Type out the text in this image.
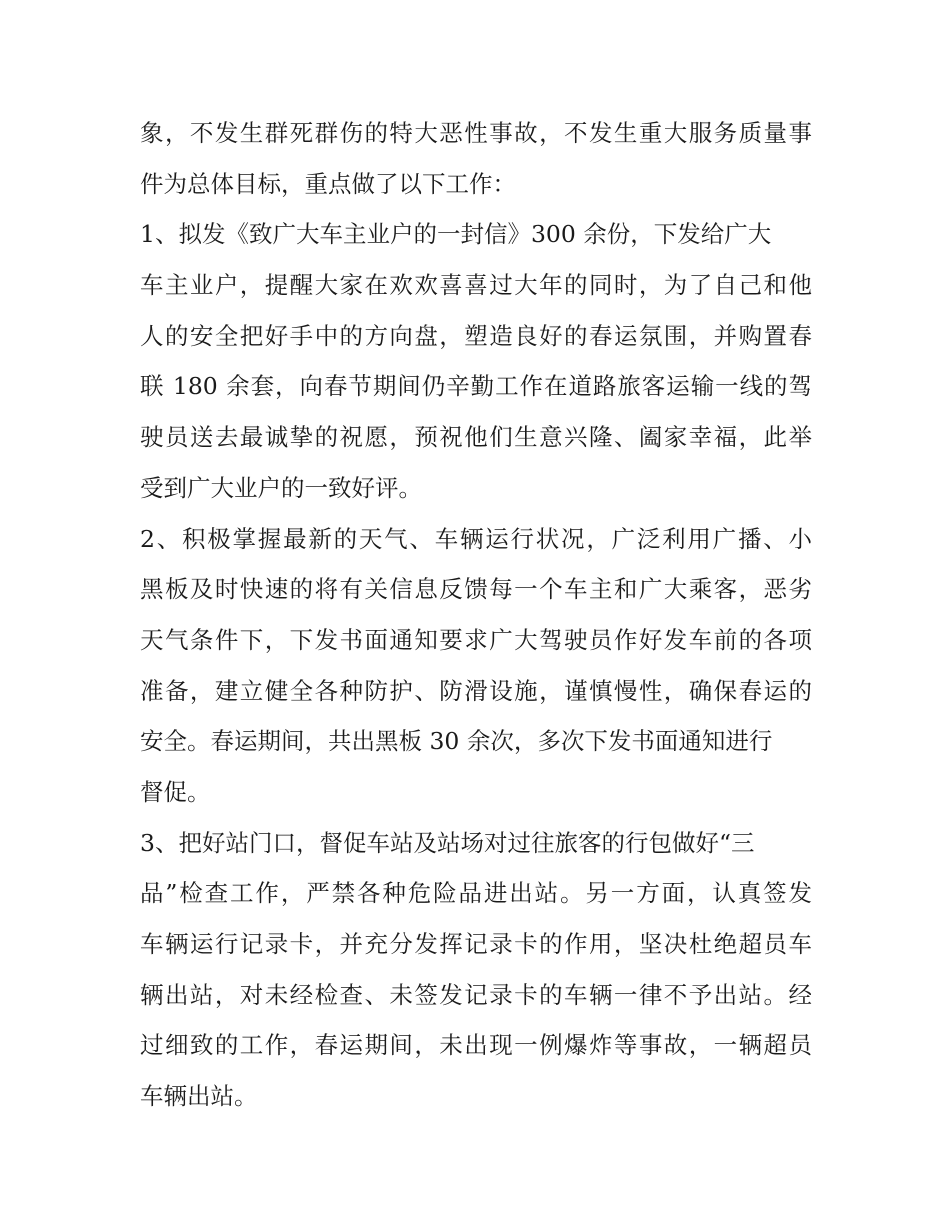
象，不发生群死群伤的特大恶性事故，不发生重大服务质量事
件为总体目标，重点做了以下工作：
1、拟发《致广大车主业户的一封信》300 余份，下发给广大
车主业户，提醒大家在欢欢喜喜过大年的同时，为了自己和他
人的安全把好手中的方向盘，塑造良好的春运氛围，并购置春
联 180 余套，向春节期间仍辛勤工作在道路旅客运输一线的驾
驶员送去最诚挚的祝愿，预祝他们生意兴隆、阖家幸福，此举
受到广大业户的一致好评。
2、积极掌握最新的天气、车辆运行状况，广泛利用广播、小
黑板及时快速的将有关信息反馈每一个车主和广大乘客，恶劣
天气条件下，下发书面通知要求广大驾驶员作好发车前的各项
准备，建立健全各种防护、防滑设施，谨慎慢性，确保春运的
安全。春运期间，共出黑板 30 余次，多次下发书面通知进行
督促。
3、把好站门口，督促车站及站场对过往旅客的行包做好“三
品”检查工作，严禁各种危险品进出站。另一方面，认真签发
车辆运行记录卡，并充分发挥记录卡的作用，坚决杜绝超员车
辆出站，对未经检查、未签发记录卡的车辆一律不予出站。经
过细致的工作，春运期间，未出现一例爆炸等事故，一辆超员
车辆出站。
